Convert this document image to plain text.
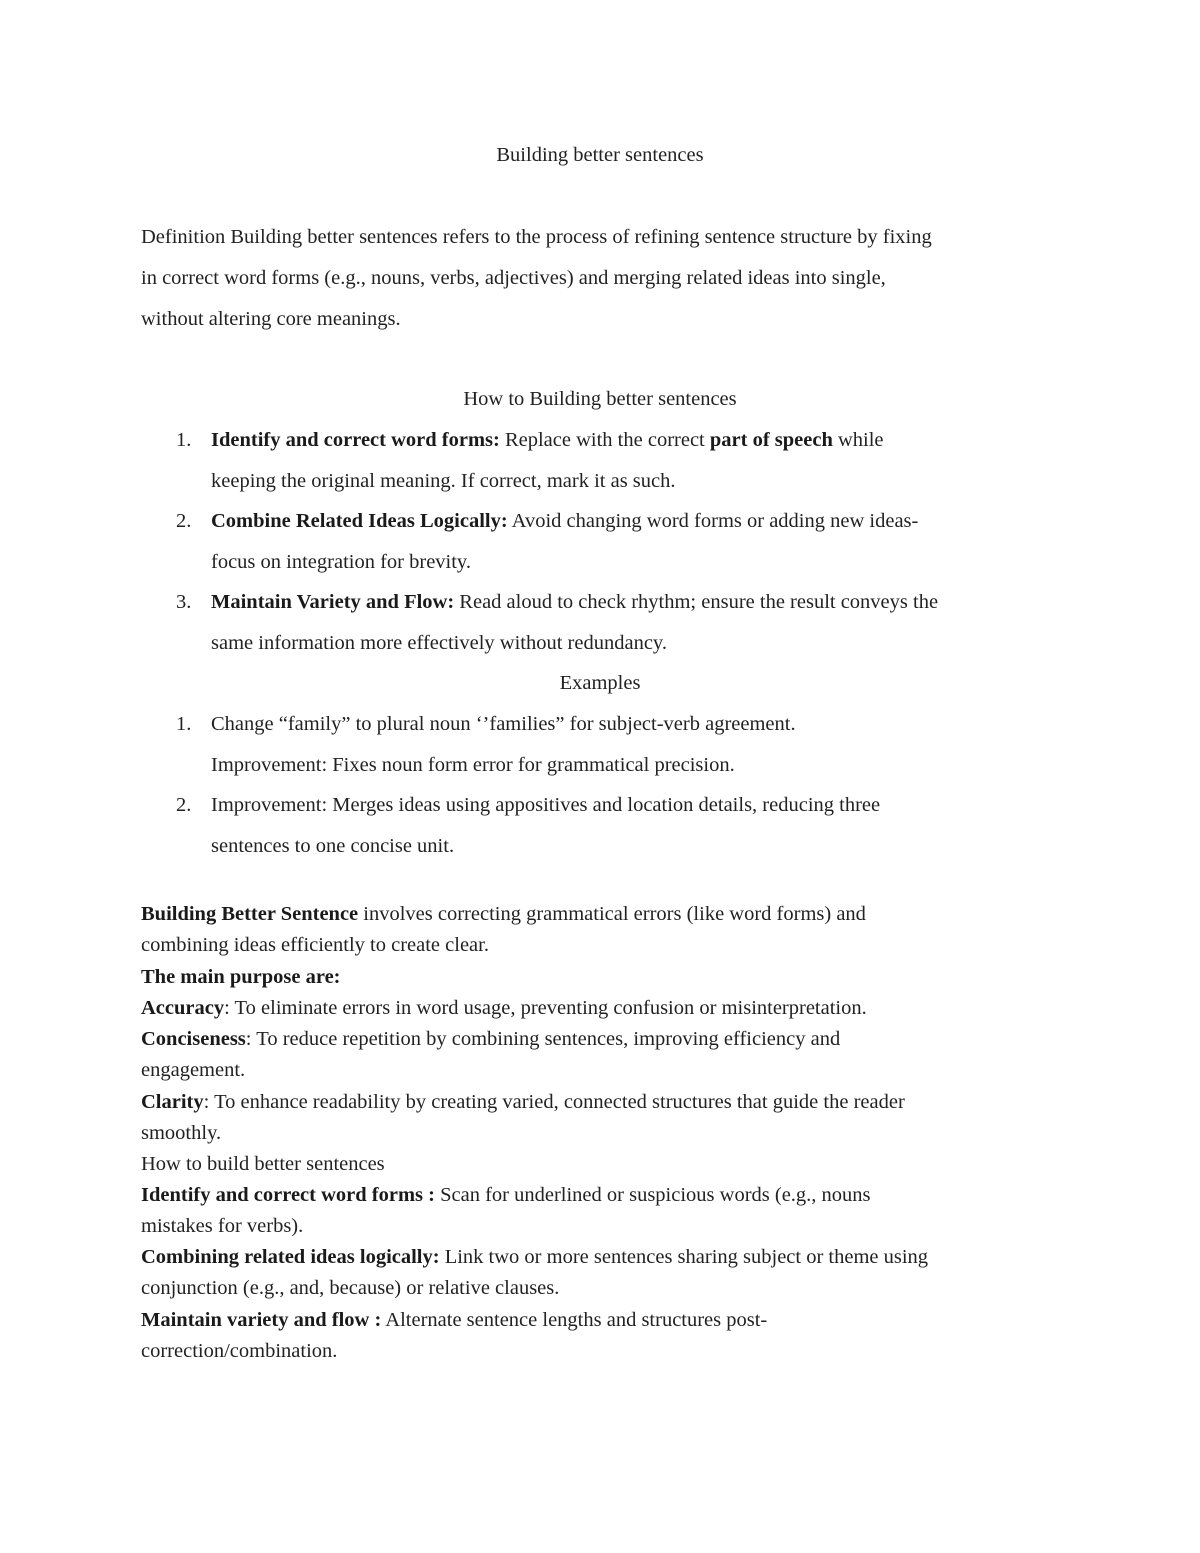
Building better sentences
Definition Building better sentences refers to the process of refining sentence structure by fixing
in correct word forms (e.g., nouns, verbs, adjectives) and merging related ideas into single,
without altering core meanings.
How to Building better sentences
1. Identify and correct word forms: Replace with the correct part of speech while
keeping the original meaning. If correct, mark it as such.
2. Combine Related Ideas Logically: Avoid changing word forms or adding new ideas-
focus on integration for brevity.
3. Maintain Variety and Flow: Read aloud to check rhythm; ensure the result conveys the
same information more effectively without redundancy.
Examples
1. Change “family” to plural noun ‘’families” for subject-verb agreement.
Improvement: Fixes noun form error for grammatical precision.
2. Improvement: Merges ideas using appositives and location details, reducing three
sentences to one concise unit.
Building Better Sentence involves correcting grammatical errors (like word forms) and
combining ideas efficiently to create clear.
The main purpose are:
Accuracy: To eliminate errors in word usage, preventing confusion or misinterpretation.
Conciseness: To reduce repetition by combining sentences, improving efficiency and
engagement.
Clarity: To enhance readability by creating varied, connected structures that guide the reader
smoothly.
How to build better sentences
Identify and correct word forms : Scan for underlined or suspicious words (e.g., nouns
mistakes for verbs).
Combining related ideas logically: Link two or more sentences sharing subject or theme using
conjunction (e.g., and, because) or relative clauses.
Maintain variety and flow : Alternate sentence lengths and structures post-
correction/combination.
